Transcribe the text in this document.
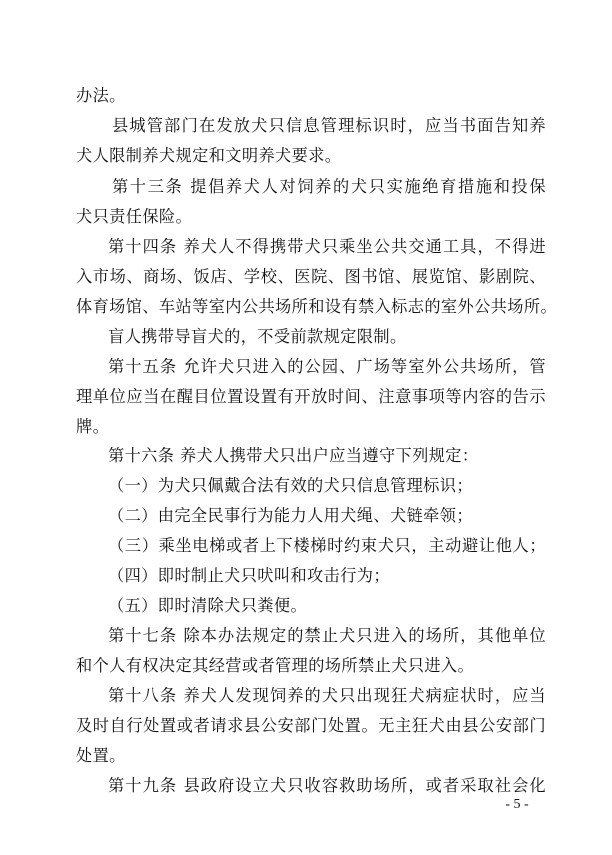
办法。
县城管部门在发放犬只信息管理标识时，应当书面告知养
犬人限制养犬规定和文明养犬要求。
第十三条 提倡养犬人对饲养的犬只实施绝育措施和投保
犬只责任保险。
第十四条 养犬人不得携带犬只乘坐公共交通工具，不得进
入市场、商场、饭店、学校、医院、图书馆、展览馆、影剧院、
体育场馆、车站等室内公共场所和设有禁入标志的室外公共场所。
盲人携带导盲犬的，不受前款规定限制。
第十五条 允许犬只进入的公园、广场等室外公共场所，管
理单位应当在醒目位置设置有开放时间、注意事项等内容的告示
牌。
第十六条 养犬人携带犬只出户应当遵守下列规定：
（一）为犬只佩戴合法有效的犬只信息管理标识；
（二）由完全民事行为能力人用犬绳、犬链牵领；
（三）乘坐电梯或者上下楼梯时约束犬只，主动避让他人；
（四）即时制止犬只吠叫和攻击行为；
（五）即时清除犬只粪便。
第十七条 除本办法规定的禁止犬只进入的场所，其他单位
和个人有权决定其经营或者管理的场所禁止犬只进入。
第十八条 养犬人发现饲养的犬只出现狂犬病症状时，应当
及时自行处置或者请求县公安部门处置。无主狂犬由县公安部门
处置。
第十九条 县政府设立犬只收容救助场所，或者采取社会化
- 5 -
